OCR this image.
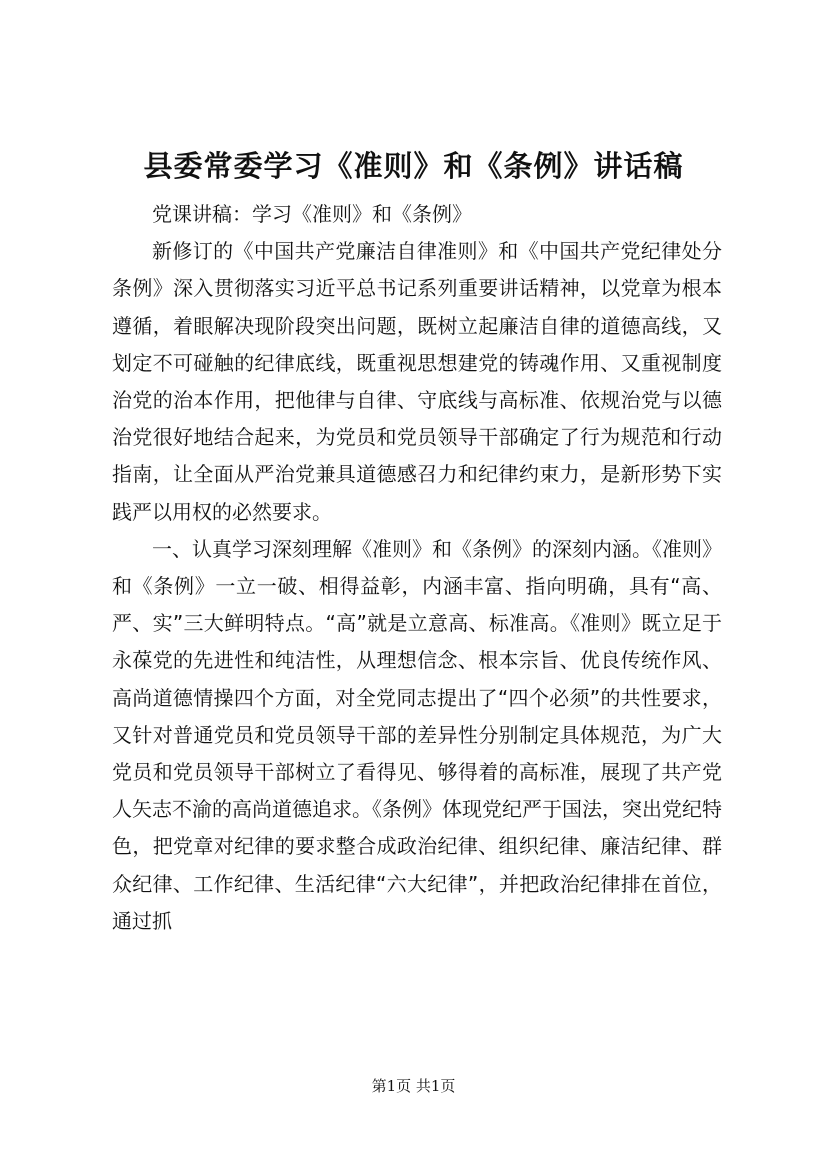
县委常委学习《准则》和《条例》讲话稿

党课讲稿：学习《准则》和《条例》

新修订的《中国共产党廉洁自律准则》和《中国共产党纪律处分条例》深入贯彻落实习近平总书记系列重要讲话精神，以党章为根本遵循，着眼解决现阶段突出问题，既树立起廉洁自律的道德高线，又划定不可碰触的纪律底线，既重视思想建党的铸魂作用、又重视制度治党的治本作用，把他律与自律、守底线与高标准、依规治党与以德治党很好地结合起来，为党员和党员领导干部确定了行为规范和行动指南，让全面从严治党兼具道德感召力和纪律约束力，是新形势下实践严以用权的必然要求。

一、认真学习深刻理解《准则》和《条例》的深刻内涵。《准则》和《条例》一立一破、相得益彰，内涵丰富、指向明确，具有“高、严、实”三大鲜明特点。“高”就是立意高、标准高。《准则》既立足于永葆党的先进性和纯洁性，从理想信念、根本宗旨、优良传统作风、高尚道德情操四个方面，对全党同志提出了“四个必须”的共性要求，又针对普通党员和党员领导干部的差异性分别制定具体规范，为广大党员和党员领导干部树立了看得见、够得着的高标准，展现了共产党人矢志不渝的高尚道德追求。《条例》体现党纪严于国法，突出党纪特色，把党章对纪律的要求整合成政治纪律、组织纪律、廉洁纪律、群众纪律、工作纪律、生活纪律“六大纪律”，并把政治纪律排在首位，通过抓

第1页 共1页
